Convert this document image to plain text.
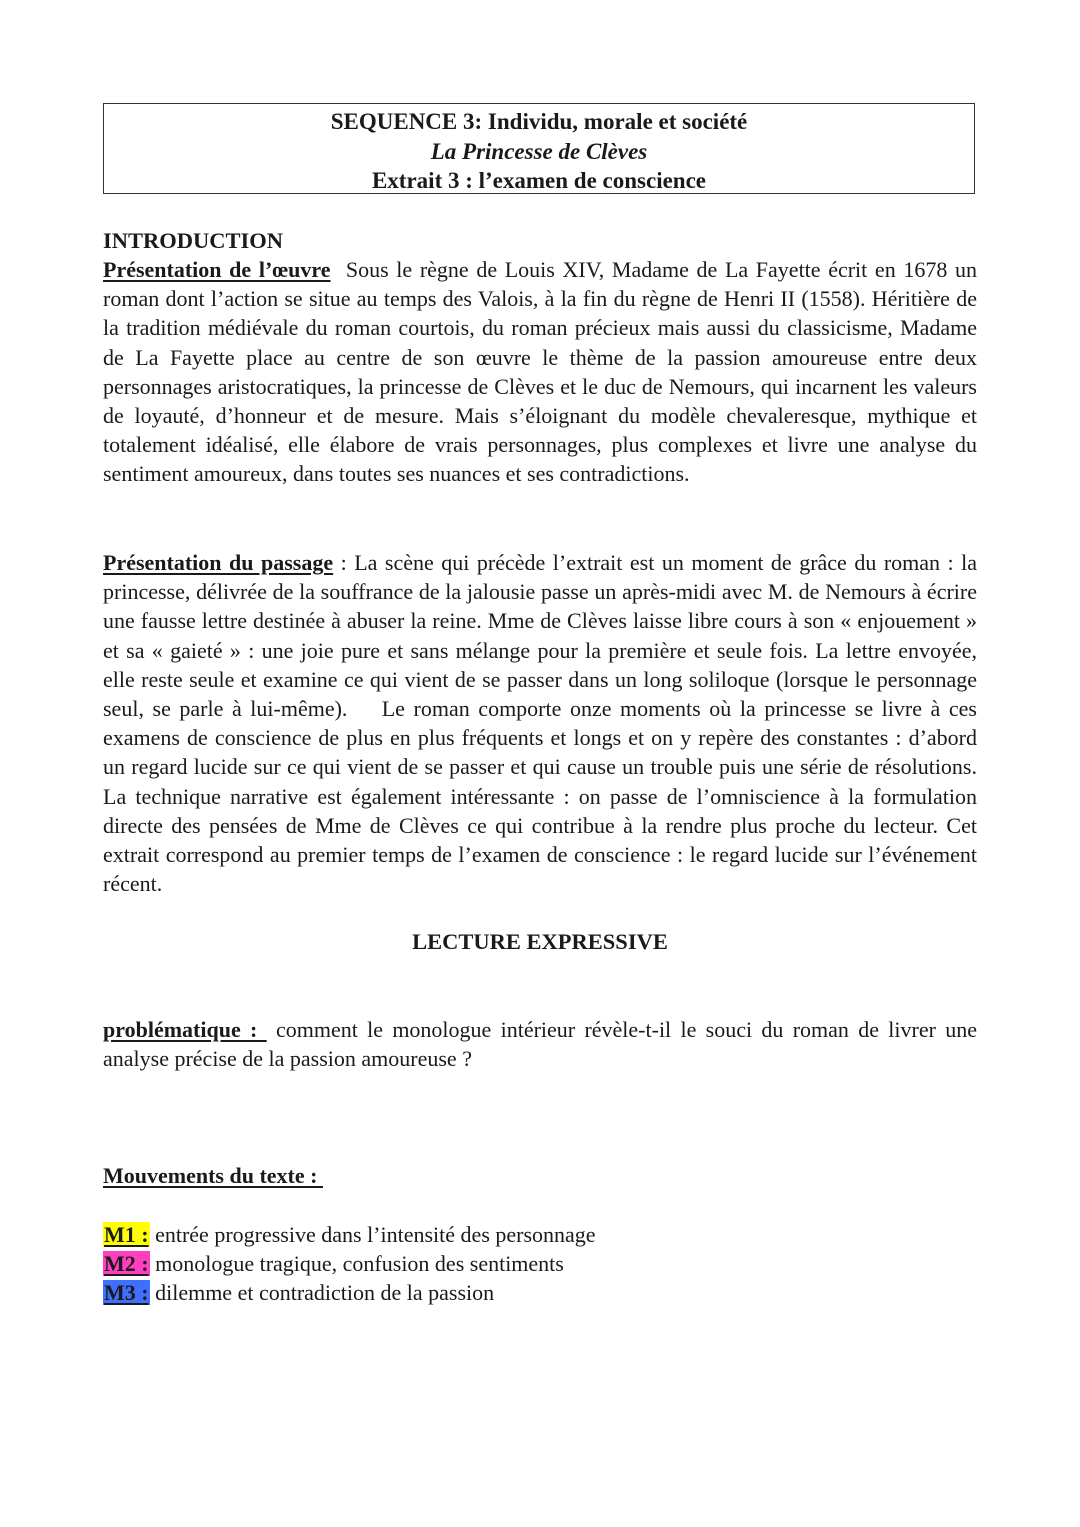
SEQUENCE 3: Individu, morale et société
La Princesse de Clèves
Extrait 3 : l’examen de conscience
INTRODUCTION
Présentation de l’œuvre Sous le règne de Louis XIV, Madame de La Fayette écrit en 1678 un roman dont l’action se situe au temps des Valois, à la fin du règne de Henri II (1558). Héritière de la tradition médiévale du roman courtois, du roman précieux mais aussi du classicisme, Madame de La Fayette place au centre de son œuvre le thème de la passion amoureuse entre deux personnages aristocratiques, la princesse de Clèves et le duc de Nemours, qui incarnent les valeurs de loyauté, d’honneur et de mesure. Mais s’éloignant du modèle chevaleresque, mythique et totalement idéalisé, elle élabore de vrais personnages, plus complexes et livre une analyse du sentiment amoureux, dans toutes ses nuances et ses contradictions.
Présentation du passage : La scène qui précède l’extrait est un moment de grâce du roman : la princesse, délivrée de la souffrance de la jalousie passe un après-midi avec M. de Nemours à écrire une fausse lettre destinée à abuser la reine. Mme de Clèves laisse libre cours à son « enjouement » et sa « gaieté » : une joie pure et sans mélange pour la première et seule fois. La lettre envoyée, elle reste seule et examine ce qui vient de se passer dans un long soliloque (lorsque le personnage seul, se parle à lui-même).    Le roman comporte onze moments où la princesse se livre à ces examens de conscience de plus en plus fréquents et longs et on y repère des constantes : d’abord un regard lucide sur ce qui vient de se passer et qui cause un trouble puis une série de résolutions. La technique narrative est également intéressante : on passe de l’omniscience à la formulation directe des pensées de Mme de Clèves ce qui contribue à la rendre plus proche du lecteur. Cet extrait correspond au premier temps de l’examen de conscience : le regard lucide sur l’événement récent.
LECTURE EXPRESSIVE
problématique :  comment le monologue intérieur révèle-t-il le souci du roman de livrer une analyse précise de la passion amoureuse ?
Mouvements du texte :
M1 : entrée progressive dans l’intensité des personnage
M2 : monologue tragique, confusion des sentiments
M3 : dilemme et contradiction de la passion
